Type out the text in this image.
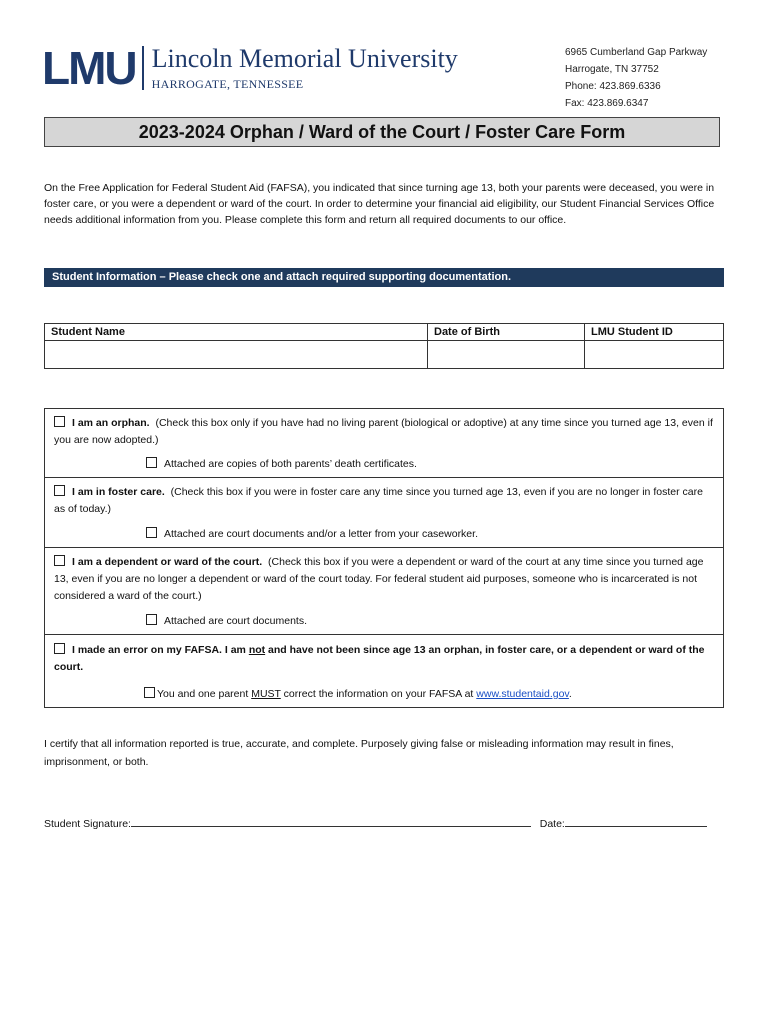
LMU Lincoln Memorial University
HARROGATE, TENNESSEE
6965 Cumberland Gap Parkway
Harrogate, TN 37752
Phone: 423.869.6336
Fax: 423.869.6347
2023-2024 Orphan / Ward of the Court / Foster Care Form
On the Free Application for Federal Student Aid (FAFSA), you indicated that since turning age 13, both your parents were deceased, you were in foster care, or you were a dependent or ward of the court. In order to determine your financial aid eligibility, our Student Financial Services Office needs additional information from you. Please complete this form and return all required documents to our office.
Student Information – Please check one and attach required supporting documentation.
Student Name	Date of Birth	LMU Student ID

I am an orphan. (Check this box only if you have had no living parent (biological or adoptive) at any time since you turned age 13, even if you are now adopted.)
Attached are copies of both parents’ death certificates.
I am in foster care. (Check this box if you were in foster care any time since you turned age 13, even if you are no longer in foster care as of today.)
Attached are court documents and/or a letter from your caseworker.
I am a dependent or ward of the court. (Check this box if you were a dependent or ward of the court at any time since you turned age 13, even if you are no longer a dependent or ward of the court today. For federal student aid purposes, someone who is incarcerated is not considered a ward of the court.)
Attached are court documents.
I made an error on my FAFSA. I am not and have not been since age 13 an orphan, in foster care, or a dependent or ward of the court.
You and one parent MUST correct the information on your FAFSA at www.studentaid.gov.
I certify that all information reported is true, accurate, and complete. Purposely giving false or misleading information may result in fines, imprisonment, or both.
Student Signature:	Date:
